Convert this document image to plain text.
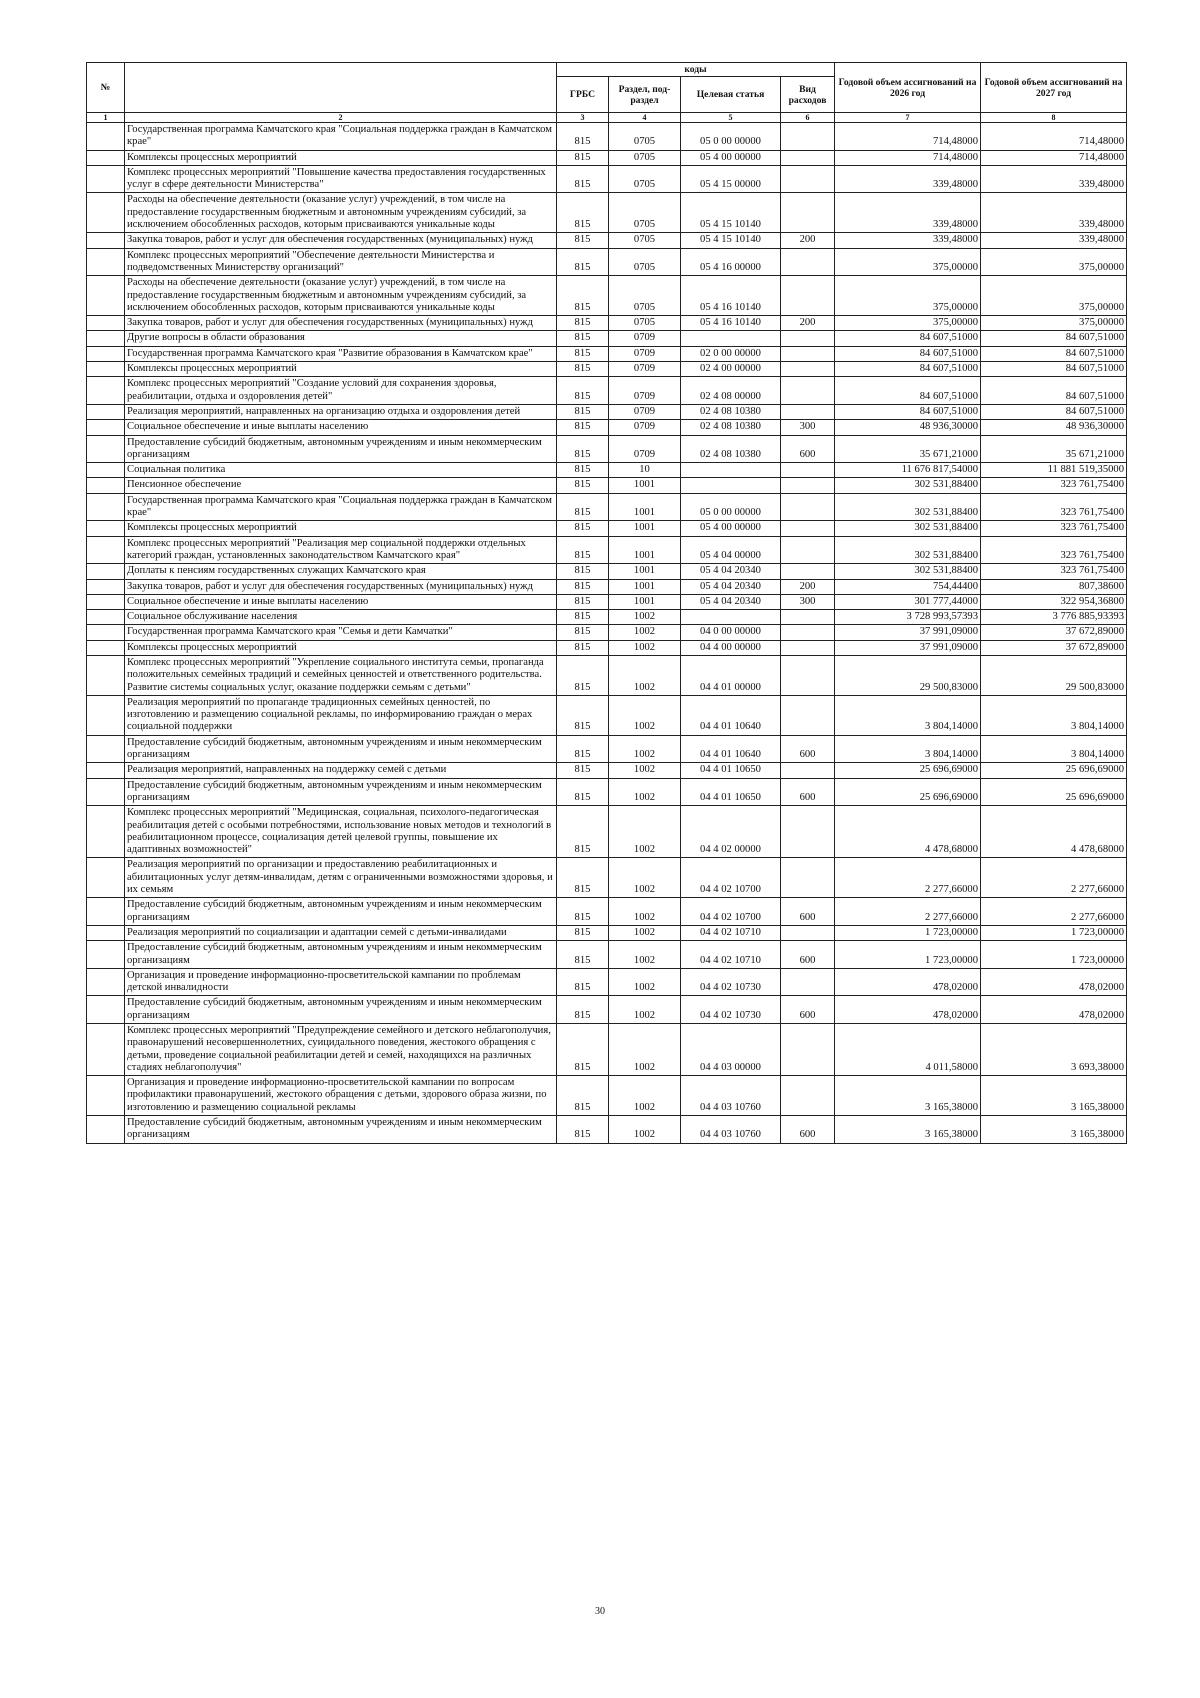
№		коды				Годовой объем ассигнований на 2026 год	Годовой объем ассигнований на 2027 год
		ГРБС	Раздел, под-раздел	Целевая статья	Вид расходов		
1	2	3	4	5	6	7	8
	Государственная программа Камчатского края "Социальная поддержка граждан в Камчатском крае"	815	0705	05 0 00 00000		714,48000	714,48000
	Комплексы процессных мероприятий	815	0705	05 4 00 00000		714,48000	714,48000
	Комплекс процессных мероприятий "Повышение качества предоставления государственных услуг в сфере деятельности Министерства"	815	0705	05 4 15 00000		339,48000	339,48000
	Расходы на обеспечение деятельности (оказание услуг) учреждений, в том числе на предоставление государственным бюджетным и автономным учреждениям субсидий, за исключением обособленных расходов, которым присваиваются уникальные коды	815	0705	05 4 15 10140		339,48000	339,48000
	Закупка товаров, работ и услуг для обеспечения государственных (муниципальных) нужд	815	0705	05 4 15 10140	200	339,48000	339,48000
	Комплекс процессных мероприятий "Обеспечение деятельности Министерства и подведомственных Министерству организаций"	815	0705	05 4 16 00000		375,00000	375,00000
	Расходы на обеспечение деятельности (оказание услуг) учреждений, в том числе на предоставление государственным бюджетным и автономным учреждениям субсидий, за исключением обособленных расходов, которым присваиваются уникальные коды	815	0705	05 4 16 10140		375,00000	375,00000
	Закупка товаров, работ и услуг для обеспечения государственных (муниципальных) нужд	815	0705	05 4 16 10140	200	375,00000	375,00000
	Другие вопросы в области образования	815	0709			84 607,51000	84 607,51000
	Государственная программа Камчатского края "Развитие образования в Камчатском крае"	815	0709	02 0 00 00000		84 607,51000	84 607,51000
	Комплексы процессных мероприятий	815	0709	02 4 00 00000		84 607,51000	84 607,51000
	Комплекс процессных мероприятий "Создание условий для сохранения здоровья, реабилитации, отдыха и оздоровления детей"	815	0709	02 4 08 00000		84 607,51000	84 607,51000
	Реализация мероприятий, направленных на организацию отдыха и оздоровления детей	815	0709	02 4 08 10380		84 607,51000	84 607,51000
	Социальное обеспечение и иные выплаты населению	815	0709	02 4 08 10380	300	48 936,30000	48 936,30000
	Предоставление субсидий бюджетным, автономным учреждениям и иным некоммерческим организациям	815	0709	02 4 08 10380	600	35 671,21000	35 671,21000
	Социальная политика	815	10			11 676 817,54000	11 881 519,35000
	Пенсионное обеспечение	815	1001			302 531,88400	323 761,75400
	Государственная программа Камчатского края "Социальная поддержка граждан в Камчатском крае"	815	1001	05 0 00 00000		302 531,88400	323 761,75400
	Комплексы процессных мероприятий	815	1001	05 4 00 00000		302 531,88400	323 761,75400
	Комплекс процессных мероприятий "Реализация мер социальной поддержки отдельных категорий граждан, установленных законодательством Камчатского края"	815	1001	05 4 04 00000		302 531,88400	323 761,75400
	Доплаты к пенсиям государственных служащих Камчатского края	815	1001	05 4 04 20340		302 531,88400	323 761,75400
	Закупка товаров, работ и услуг для обеспечения государственных (муниципальных) нужд	815	1001	05 4 04 20340	200	754,44400	807,38600
	Социальное обеспечение и иные выплаты населению	815	1001	05 4 04 20340	300	301 777,44000	322 954,36800
	Социальное обслуживание населения	815	1002			3 728 993,57393	3 776 885,93393
	Государственная программа Камчатского края "Семья и дети Камчатки"	815	1002	04 0 00 00000		37 991,09000	37 672,89000
	Комплексы процессных мероприятий	815	1002	04 4 00 00000		37 991,09000	37 672,89000
	Комплекс процессных мероприятий "Укрепление социального института семьи, пропаганда положительных семейных традиций и семейных ценностей и ответственного родительства. Развитие системы социальных услуг, оказание поддержки семьям с детьми"	815	1002	04 4 01 00000		29 500,83000	29 500,83000
	Реализация мероприятий по пропаганде традиционных семейных ценностей, по изготовлению и размещению социальной рекламы, по информированию граждан о мерах социальной поддержки	815	1002	04 4 01 10640		3 804,14000	3 804,14000
	Предоставление субсидий бюджетным, автономным учреждениям и иным некоммерческим организациям	815	1002	04 4 01 10640	600	3 804,14000	3 804,14000
	Реализация мероприятий, направленных на поддержку семей с детьми	815	1002	04 4 01 10650		25 696,69000	25 696,69000
	Предоставление субсидий бюджетным, автономным учреждениям и иным некоммерческим организациям	815	1002	04 4 01 10650	600	25 696,69000	25 696,69000
	Комплекс процессных мероприятий "Медицинская, социальная, психолого-педагогическая реабилитация детей с особыми потребностями, использование новых методов и технологий в реабилитационном процессе, социализация детей целевой группы, повышение их адаптивных возможностей"	815	1002	04 4 02 00000		4 478,68000	4 478,68000
	Реализация мероприятий по организации и предоставлению реабилитационных и абилитационных услуг детям-инвалидам, детям с ограниченными возможностями здоровья, и их семьям	815	1002	04 4 02 10700		2 277,66000	2 277,66000
	Предоставление субсидий бюджетным, автономным учреждениям и иным некоммерческим организациям	815	1002	04 4 02 10700	600	2 277,66000	2 277,66000
	Реализация мероприятий по социализации и адаптации семей с детьми-инвалидами	815	1002	04 4 02 10710		1 723,00000	1 723,00000
	Предоставление субсидий бюджетным, автономным учреждениям и иным некоммерческим организациям	815	1002	04 4 02 10710	600	1 723,00000	1 723,00000
	Организация и проведение информационно-просветительской кампании по проблемам детской инвалидности	815	1002	04 4 02 10730		478,02000	478,02000
	Предоставление субсидий бюджетным, автономным учреждениям и иным некоммерческим организациям	815	1002	04 4 02 10730	600	478,02000	478,02000
	Комплекс процессных мероприятий "Предупреждение семейного и детского неблагополучия, правонарушений несовершеннолетних, суицидального поведения, жестокого обращения с детьми, проведение социальной реабилитации детей и семей, находящихся на различных стадиях неблагополучия"	815	1002	04 4 03 00000		4 011,58000	3 693,38000
	Организация и проведение информационно-просветительской кампании по вопросам профилактики правонарушений, жестокого обращения с детьми, здорового образа жизни, по изготовлению и размещению социальной рекламы	815	1002	04 4 03 10760		3 165,38000	3 165,38000
	Предоставление субсидий бюджетным, автономным учреждениям и иным некоммерческим организациям	815	1002	04 4 03 10760	600	3 165,38000	3 165,38000
30
